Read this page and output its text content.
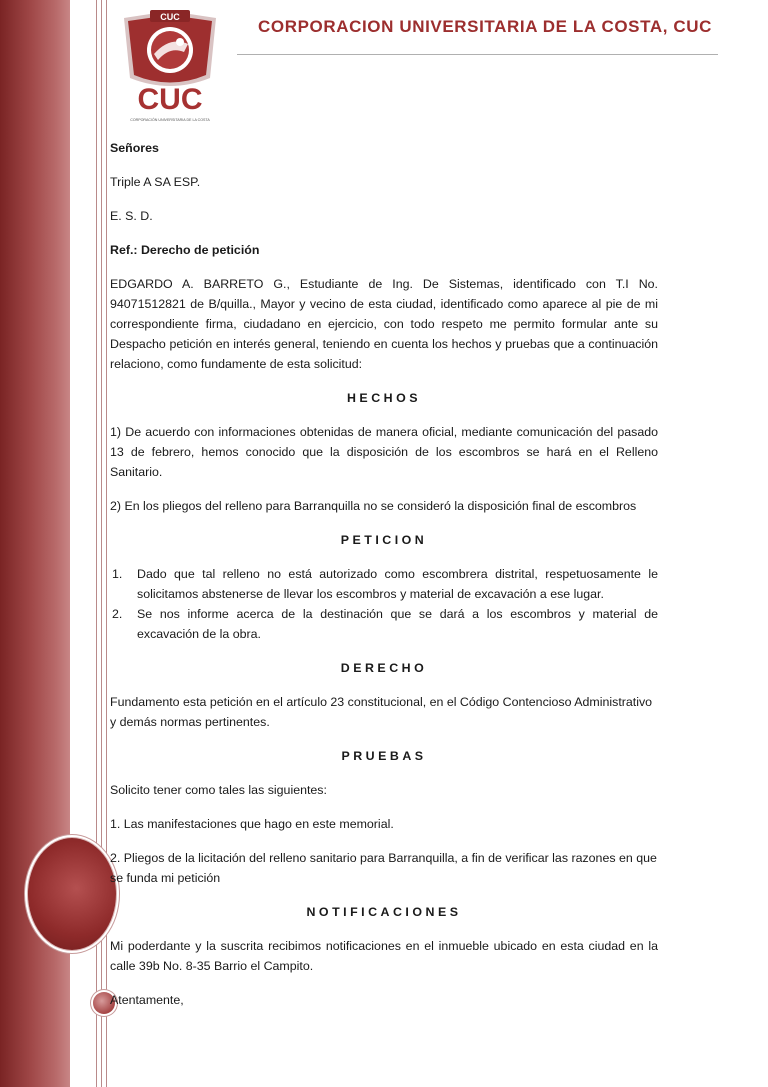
CUC
CUC
CORPORACIÓN UNIVERSITARIA DE LA COSTA
CORPORACION UNIVERSITARIA DE LA COSTA, CUC

Señores

Triple A SA ESP.

E. S. D.

Ref.: Derecho de petición

EDGARDO A. BARRETO G., Estudiante de Ing. De Sistemas, identificado con T.I No. 94071512821 de B/quilla., Mayor y vecino de esta ciudad, identificado como aparece al pie de mi correspondiente firma, ciudadano en ejercicio, con todo respeto me permito formular ante su Despacho petición en interés general, teniendo en cuenta los hechos y pruebas que a continuación relaciono, como fundamente de esta solicitud:

HECHOS

1) De acuerdo con informaciones obtenidas de manera oficial, mediante comunicación del pasado 13 de febrero, hemos conocido que la disposición de los escombros se hará en el Relleno Sanitario.

2) En los pliegos del relleno para Barranquilla no se consideró la disposición final de escombros

PETICION

1. Dado que tal relleno no está autorizado como escombrera distrital, respetuosamente le solicitamos abstenerse de llevar los escombros y material de excavación a ese lugar.
2. Se nos informe acerca de la destinación que se dará a los escombros y material de excavación de la obra.

DERECHO

Fundamento esta petición en el artículo 23 constitucional, en el Código Contencioso Administrativo y demás normas pertinentes.

PRUEBAS

Solicito tener como tales las siguientes:

1. Las manifestaciones que hago en este memorial.

2. Pliegos de la licitación del relleno sanitario para Barranquilla, a fin de verificar las razones en que se funda mi petición

NOTIFICACIONES

Mi poderdante y la suscrita recibimos notificaciones en el inmueble ubicado en esta ciudad en la calle 39b No. 8-35 Barrio el Campito.

Atentamente,
